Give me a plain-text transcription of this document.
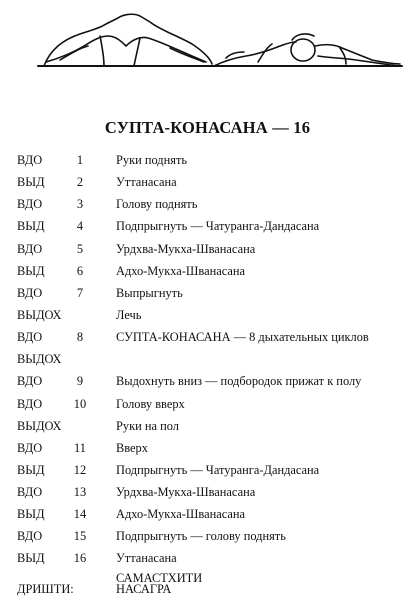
СУПТА-КОНАСАНА — 16
ВДО	1	Руки поднять
ВЫД	2	Уттанасана
ВДО	3	Голову поднять
ВЫД	4	Подпрыгнуть — Чатуранга-Дандасана
ВДО	5	Урдхва-Мукха-Шванасана
ВЫД	6	Адхо-Мукха-Шванасана
ВДО	7	Выпрыгнуть
ВЫДОХ	Лечь
ВДО	8	СУПТА-КОНАСАНА — 8 дыхательных циклов
ВЫДОХ
ВДО	9	Выдохнуть вниз — подбородок прижат к полу
ВДО	10	Голову вверх
ВЫДОХ	Руки на пол
ВДО	11	Вверх
ВЫД	12	Подпрыгнуть — Чатуранга-Дандасана
ВДО	13	Урдхва-Мукха-Шванасана
ВЫД	14	Адхо-Мукха-Шванасана
ВДО	15	Подпрыгнуть — голову поднять
ВЫД	16	Уттанасана
САМАСТХИТИ
ДРИШТИ:	НАСАГРА
